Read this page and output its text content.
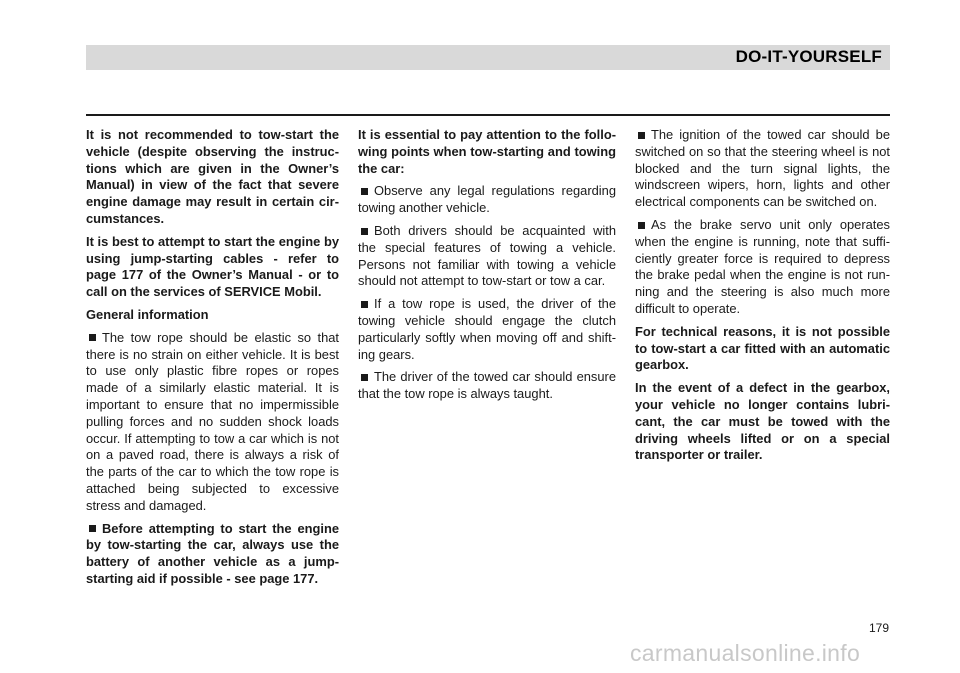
DO-IT-YOURSELF

It is not recommended to tow-start the vehicle (despite observing the instructions which are given in the Owner’s Manual) in view of the fact that severe engine damage may result in certain circumstances.

It is best to attempt to start the engine by using jump-starting cables - refer to page 177 of the Owner’s Manual - or to call on the services of SERVICE Mobil.

General information

The tow rope should be elastic so that there is no strain on either vehicle. It is best to use only plastic fibre ropes or ropes made of a similarly elastic material. It is important to ensure that no impermissible pulling forces and no sudden shock loads occur. If attempting to tow a car which is not on a paved road, there is always a risk of the parts of the car to which the tow rope is attached being subjected to excessive stress and damaged.

Before attempting to start the engine by tow-starting the car, always use the battery of another vehicle as a jump-starting aid if possible - see page 177.

It is essential to pay attention to the following points when tow-starting and towing the car:

Observe any legal regulations regarding towing another vehicle.

Both drivers should be acquainted with the special features of towing a vehicle. Persons not familiar with towing a vehicle should not attempt to tow-start or tow a car.

If a tow rope is used, the driver of the towing vehicle should engage the clutch particularly softly when moving off and shifting gears.

The driver of the towed car should ensure that the tow rope is always taught.

The ignition of the towed car should be switched on so that the steering wheel is not blocked and the turn signal lights, the windscreen wipers, horn, lights and other electrical components can be switched on.

As the brake servo unit only operates when the engine is running, note that sufficiently greater force is required to depress the brake pedal when the engine is not running and the steering is also much more difficult to operate.

For technical reasons, it is not possible to tow-start a car fitted with an automatic gearbox.

In the event of a defect in the gearbox, your vehicle no longer contains lubricant, the car must be towed with the driving wheels lifted or on a special transporter or trailer.

179
carmanualsonline.info
